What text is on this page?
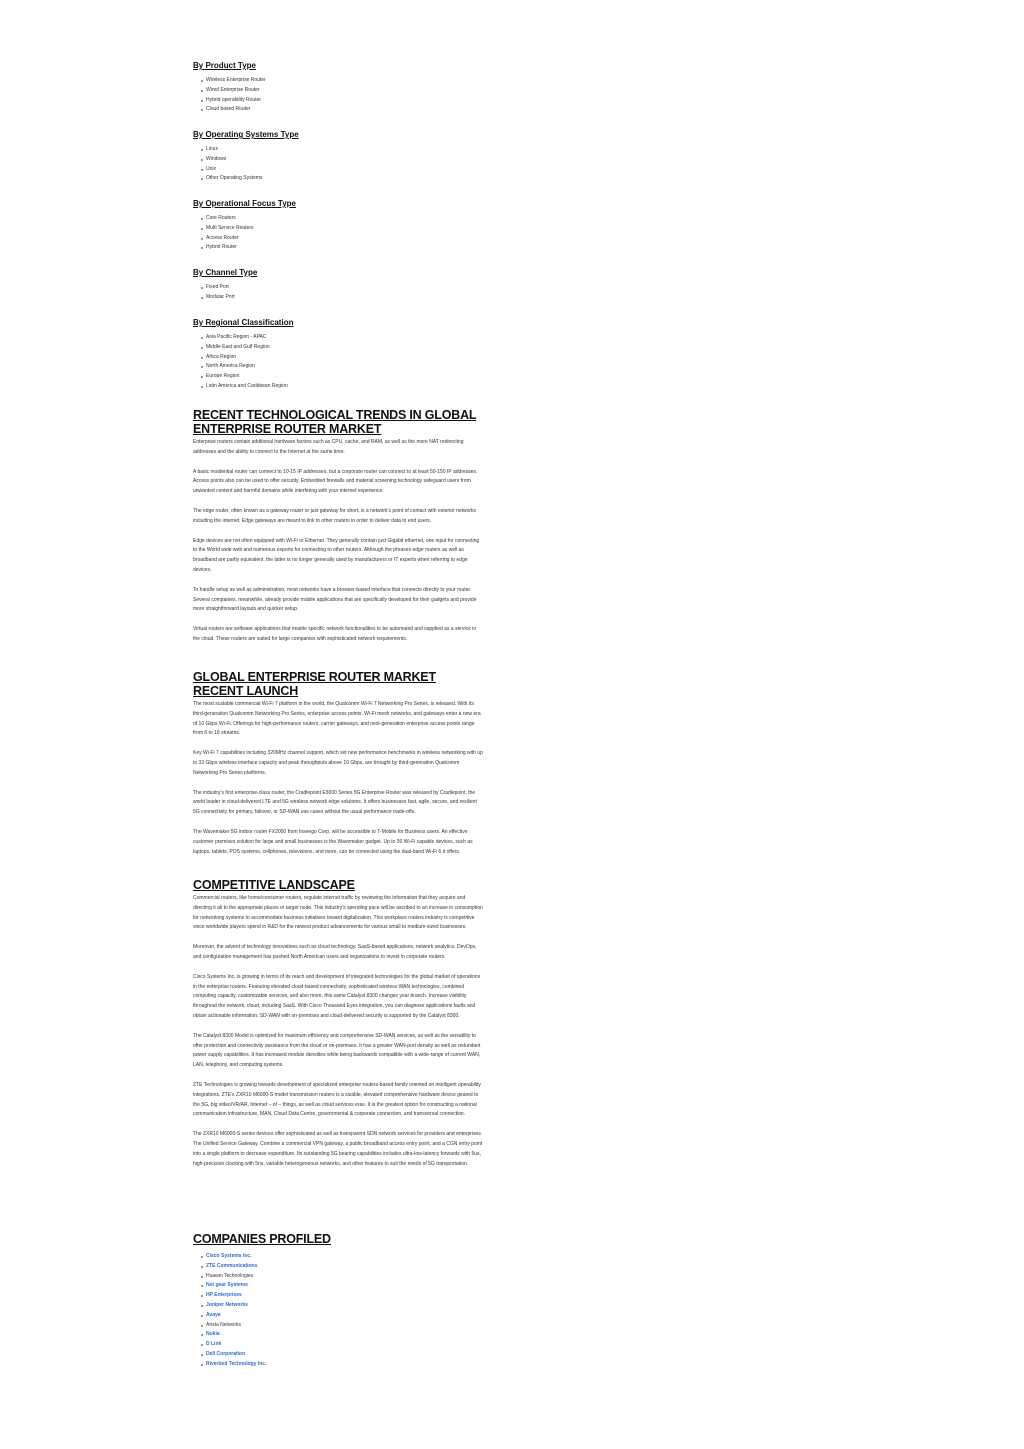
By Product Type
Wireless Enterprise Router
Wired Enterprise Router
Hybrid operability Router
Cloud based Router
By Operating Systems Type
Linux
Windows
Unix
Other Operating Systems
By Operational Focus Type
Core Routers
Multi Service Routers
Access Router
Hybrid Router
By Channel Type
Fixed Port
Modular Port
By Regional Classification
Asia Pacific Region - APAC
Middle East and Gulf Region
Africa Region
North America Region
Europe Region
Latin America and Caribbean Region
RECENT TECHNOLOGICAL TRENDS IN GLOBAL ENTERPRISE ROUTER MARKET

Enterprise routers contain additional hardware factors such as CPU, cache, and RAM, as well as the more NAT redirecting addresses and the ability to connect to the Internet at the same time.

A basic residential router can connect to 10-15 IP addresses, but a corporate router can connect to at least 50-150 IP addresses. Access points also can be used to offer security. Embedded firewalls and material screening technology safeguard users from unwanted content and harmful domains while interfering with your internet experience.

The edge router, often known as a gateway router or just gateway for short, is a network's point of contact with exterior networks including the internet. Edge gateways are meant to link to other routers in order to deliver data to end users.

Edge devices are not often equipped with Wi-Fi or Ethernet. They generally contain just Gigabit ethernet, one input for connecting to the World wide web and numerous exports for connecting to other routers. Although the phrases edge routers as well as broadband are partly equivalent, the latter is no longer generally used by manufacturers or IT experts when referring to edge devices.

To handle setup as well as administration, most networks have a browser-based interface that connects directly to your router. Several companies, meanwhile, already provide mobile applications that are specifically developed for their gadgets and provide more straightforward layouts and quicker setup.

Virtual routers are software applications that enable specific network functionalities to be automated and supplied as a service in the cloud. These routers are suited for large companies with sophisticated network requirements.

GLOBAL ENTERPRISE ROUTER MARKET RECENT LAUNCH

The most scalable commercial Wi-Fi 7 platform in the world, the Qualcomm Wi-Fi 7 Networking Pro Series, is released. With its third-generation Qualcomm Networking Pro Series, enterprise access points, Wi-Fi mesh networks, and gateways enter a new era of 10 Gbps Wi-Fi. Offerings for high-performance routers, carrier gateways, and next-generation enterprise access points range from 6 to 16 streams.

Key Wi-Fi 7 capabilities including 320MHz channel support, which set new performance benchmarks in wireless networking with up to 33 Gbps wireless interface capacity and peak throughputs above 10 Gbps, are brought by third-generation Qualcomm Networking Pro Series platforms.

The industry's first enterprise-class router, the Cradlepoint E3000 Series 5G Enterprise Router was released by Cradlepoint, the world leader in cloud-delivered LTE and 5G wireless network edge solutions. It offers businesses fast, agile, secure, and resilient 5G connectivity for primary, failover, or SD-WAN use cases without the usual performance trade-offs.

The Wavemaker 5G indoor router FX2000 from Inseego Corp. will be accessible to T-Mobile for Business users. An effective customer premises solution for large and small businesses is the Wavemaker gadget. Up to 30 Wi-Fi capable devices, such as laptops, tablets, POS systems, cellphones, televisions, and more, can be connected using the dual-band Wi-Fi 6 it offers.

COMPETITIVE LANDSCAPE

Commercial routers, like home/consumer routers, regulate internet traffic by reviewing the information that they acquire and directing it all to the appropriate places or target node. This industry's spending pace will be ascribed to an increase in consumption for networking systems to accommodate business initiatives toward digitalization. This workplace routers industry is competitive since worldwide players spend in R&D for the newest product advancements for various small to medium-sized businesses.

Moreover, the advent of technology innovations such as cloud technology, SaaS-based applications, network analytics, DevOps, and configuration management has pushed North American users and organizations to invest in corporate routers.

Cisco Systems Inc. is growing in terms of its reach and development of integrated technologies for the global market of operations in the enterprise routers. Featuring elevated cloud-based connectivity, sophisticated wireless WAN technologies, combined computing capacity, customizable services, and also more, this same Catalyst 8300 changes your branch. Increase visibility throughout the network, cloud, including SaaS. With Cisco Thousand Eyes integration, you can diagnose applications faults and obtain actionable information. SD-WAN with on-premises and cloud-delivered security is supported by the Catalyst 8300.

The Catalyst 8300 Model is optimized for maximum efficiency and comprehensive SD-WAN services, as well as the versatility to offer protection and connectivity assistance from the cloud or on-premises. It has a greater WAN-port density as well as redundant power supply capabilities. It has increased module densities while being backwards compatible with a wide-range of current WAN, LAN, telephony, and computing systems.

ZTE Technologies is growing towards development of specialized enterprise routers-based family oriented on intelligent operability integrations. ZTE's ZXR10 M6000-S model transmission routers is a sizable, elevated comprehensive hardware device geared to the 5G, big video/VR/AR, Internet – of – things, as well as cloud services eras. It is the greatest option for constructing a national communication infrastructure, MAN, Cloud Data Centre, governmental & corporate connection, and transversal connection.

The ZXR10 M6000-S series devices offer sophisticated as well as transparent SDN network services for providers and enterprises. The Unified Service Gateway. Combine a commercial VPN gateway, a public broadband access entry point, and a CGN entry point into a single platform to decrease expenditure. Its outstanding 5G bearing capabilities includes ultra-low-latency forwards with 5us, high-precision clocking with 5ns, variable heterogeneous networks, and other features to suit the needs of 5G transportation.

COMPANIES PROFILED
Cisco Systems Inc.
ZTE Communications
Huawei Technologies
Net gear Systems
HP Enterprises
Juniper Networks
Avaya
Arista Networks
Nokia
D Link
Dell Corporation
Riverbed Technology Inc.
